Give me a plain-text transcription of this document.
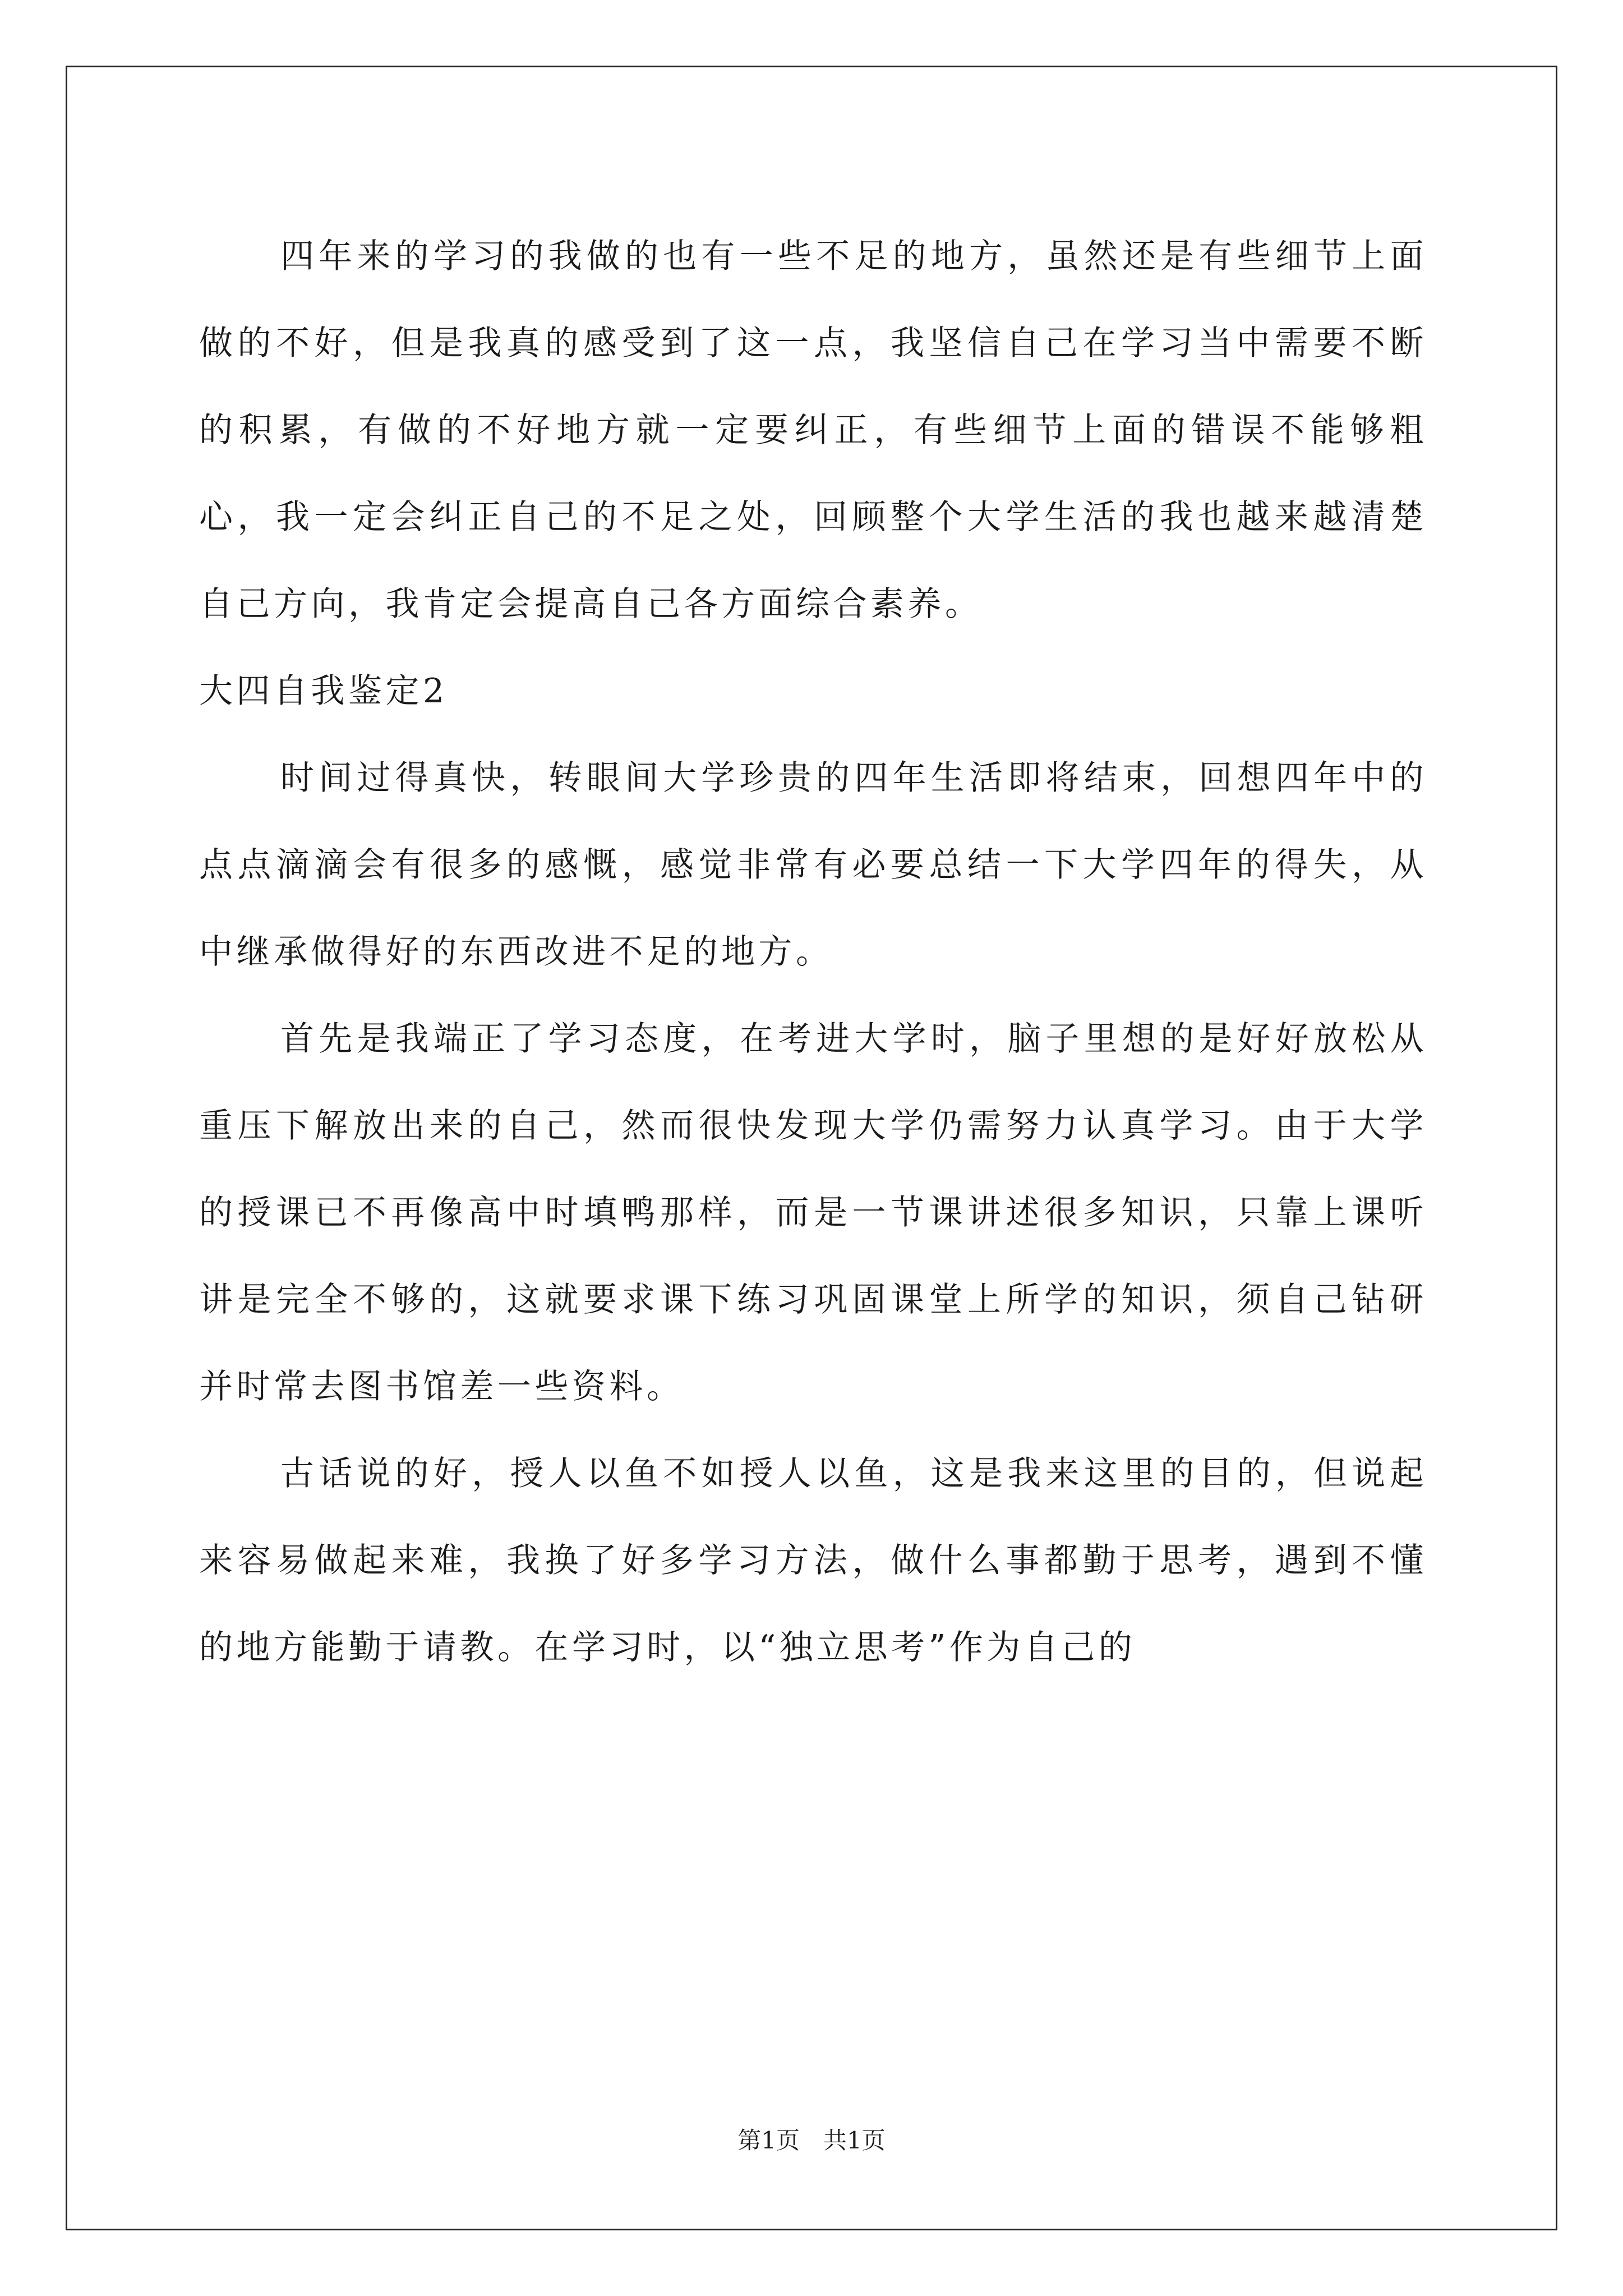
四年来的学习的我做的也有一些不足的地方，虽然还是有些细节上面做的不好，但是我真的感受到了这一点，我坚信自己在学习当中需要不断的积累，有做的不好地方就一定要纠正，有些细节上面的错误不能够粗心，我一定会纠正自己的不足之处，回顾整个大学生活的我也越来越清楚自己方向，我肯定会提高自己各方面综合素养。

大四自我鉴定2

时间过得真快，转眼间大学珍贵的四年生活即将结束，回想四年中的点点滴滴会有很多的感慨，感觉非常有必要总结一下大学四年的得失，从中继承做得好的东西改进不足的地方。

首先是我端正了学习态度，在考进大学时，脑子里想的是好好放松从重压下解放出来的自己，然而很快发现大学仍需努力认真学习。由于大学的授课已不再像高中时填鸭那样，而是一节课讲述很多知识，只靠上课听讲是完全不够的，这就要求课下练习巩固课堂上所学的知识，须自己钻研并时常去图书馆差一些资料。

古话说的好，授人以鱼不如授人以鱼，这是我来这里的目的，但说起来容易做起来难，我换了好多学习方法，做什么事都勤于思考，遇到不懂的地方能勤于请教。在学习时，以“独立思考”作为自己的

第1页　共1页
